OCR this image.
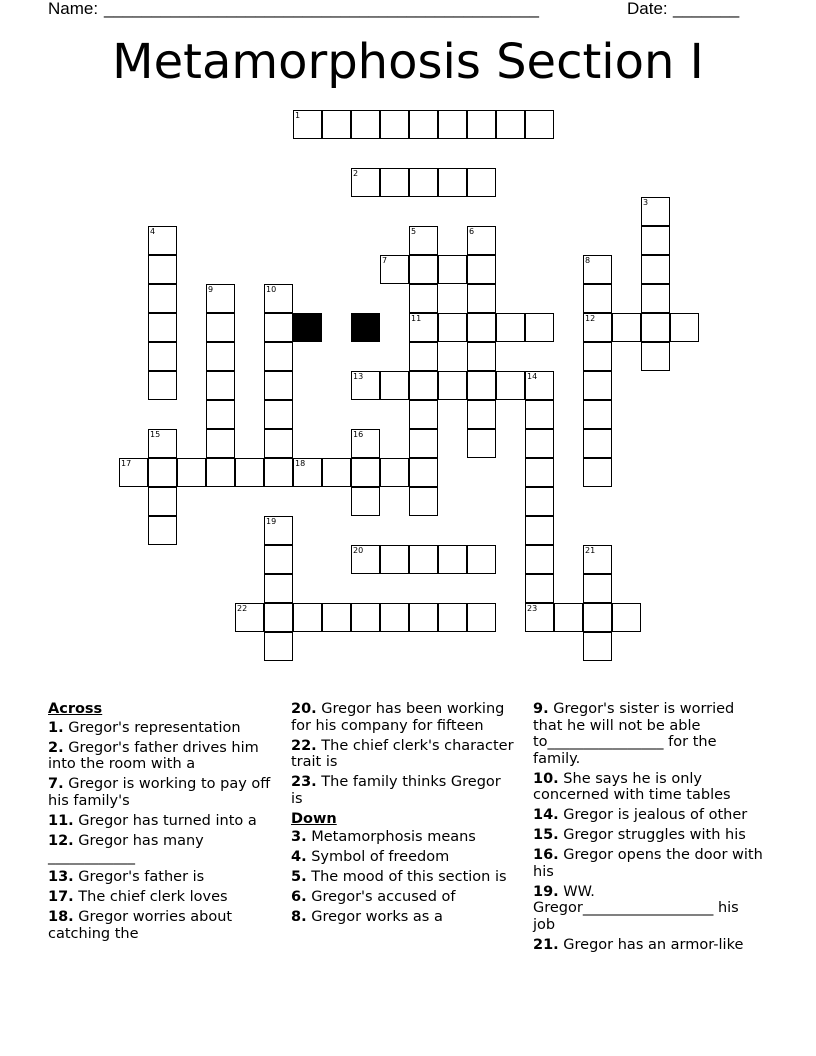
Name: ______________________________________________	Date: _______
Metamorphosis Section I
1
2
3
4	5
11
6
7	8
12
9	10
13	14
23
15	16
17	18
19
20	21
22
Across
1. Gregor's representation
2. Gregor's father drives him into the room with a
7. Gregor is working to pay off his family's
11. Gregor has turned into a
12. Gregor has many ____________
13. Gregor's father is
17. The chief clerk loves
18. Gregor worries about catching the
20. Gregor has been working for his company for fifteen
22. The chief clerk's character trait is
23. The family thinks Gregor is
Down
3. Metamorphosis means
4. Symbol of freedom
5. The mood of this section is
6. Gregor's accused of
8. Gregor works as a
9. Gregor's sister is worried that he will not be able to________________ for the family.
10. She says he is only concerned with time tables
14. Gregor is jealous of other
15. Gregor struggles with his
16. Gregor opens the door with his
19. WW. Gregor__________________ his job
21. Gregor has an armor-like
